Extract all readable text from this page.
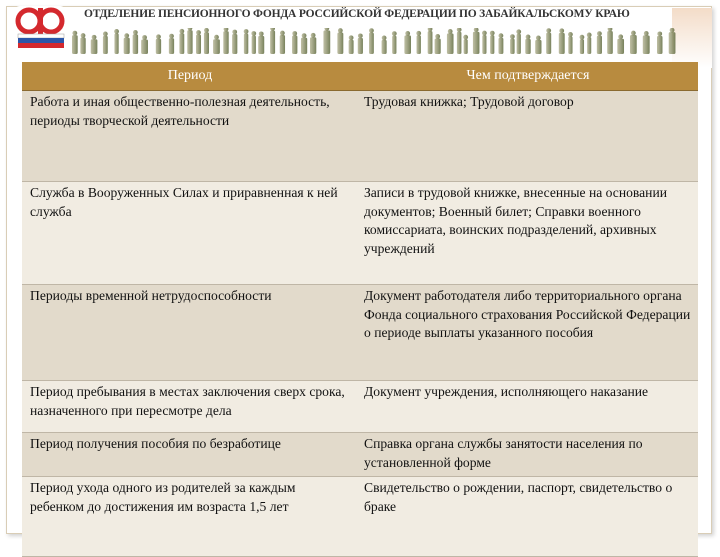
ОТДЕЛЕНИЕ ПЕНСИОННОГО ФОНДА РОССИЙСКОЙ ФЕДЕРАЦИИ ПО ЗАБАЙКАЛЬСКОМУ КРАЮ
Период	Чем подтверждается
Работа и иная общественно-полезная деятельность, периоды творческой деятельности	Трудовая книжка; Трудовой договор
Служба в Вооруженных Силах и приравненная к ней служба	Записи в трудовой книжке, внесенные на основании документов; Военный билет; Справки военного комиссариата, воинских подразделений, архивных учреждений
Периоды временной нетрудоспособности	Документ работодателя либо территориального органа Фонда социального страхования Российской Федерации о периоде выплаты указанного пособия
Период пребывания в местах заключения сверх срока, назначенного при пересмотре дела	Документ учреждения, исполняющего наказание
Период получения пособия по безработице	Справка органа службы занятости населения по установленной форме
Период ухода одного из родителей за каждым ребенком до достижения им возраста 1,5 лет	Свидетельство о рождении, паспорт, свидетельство о браке
